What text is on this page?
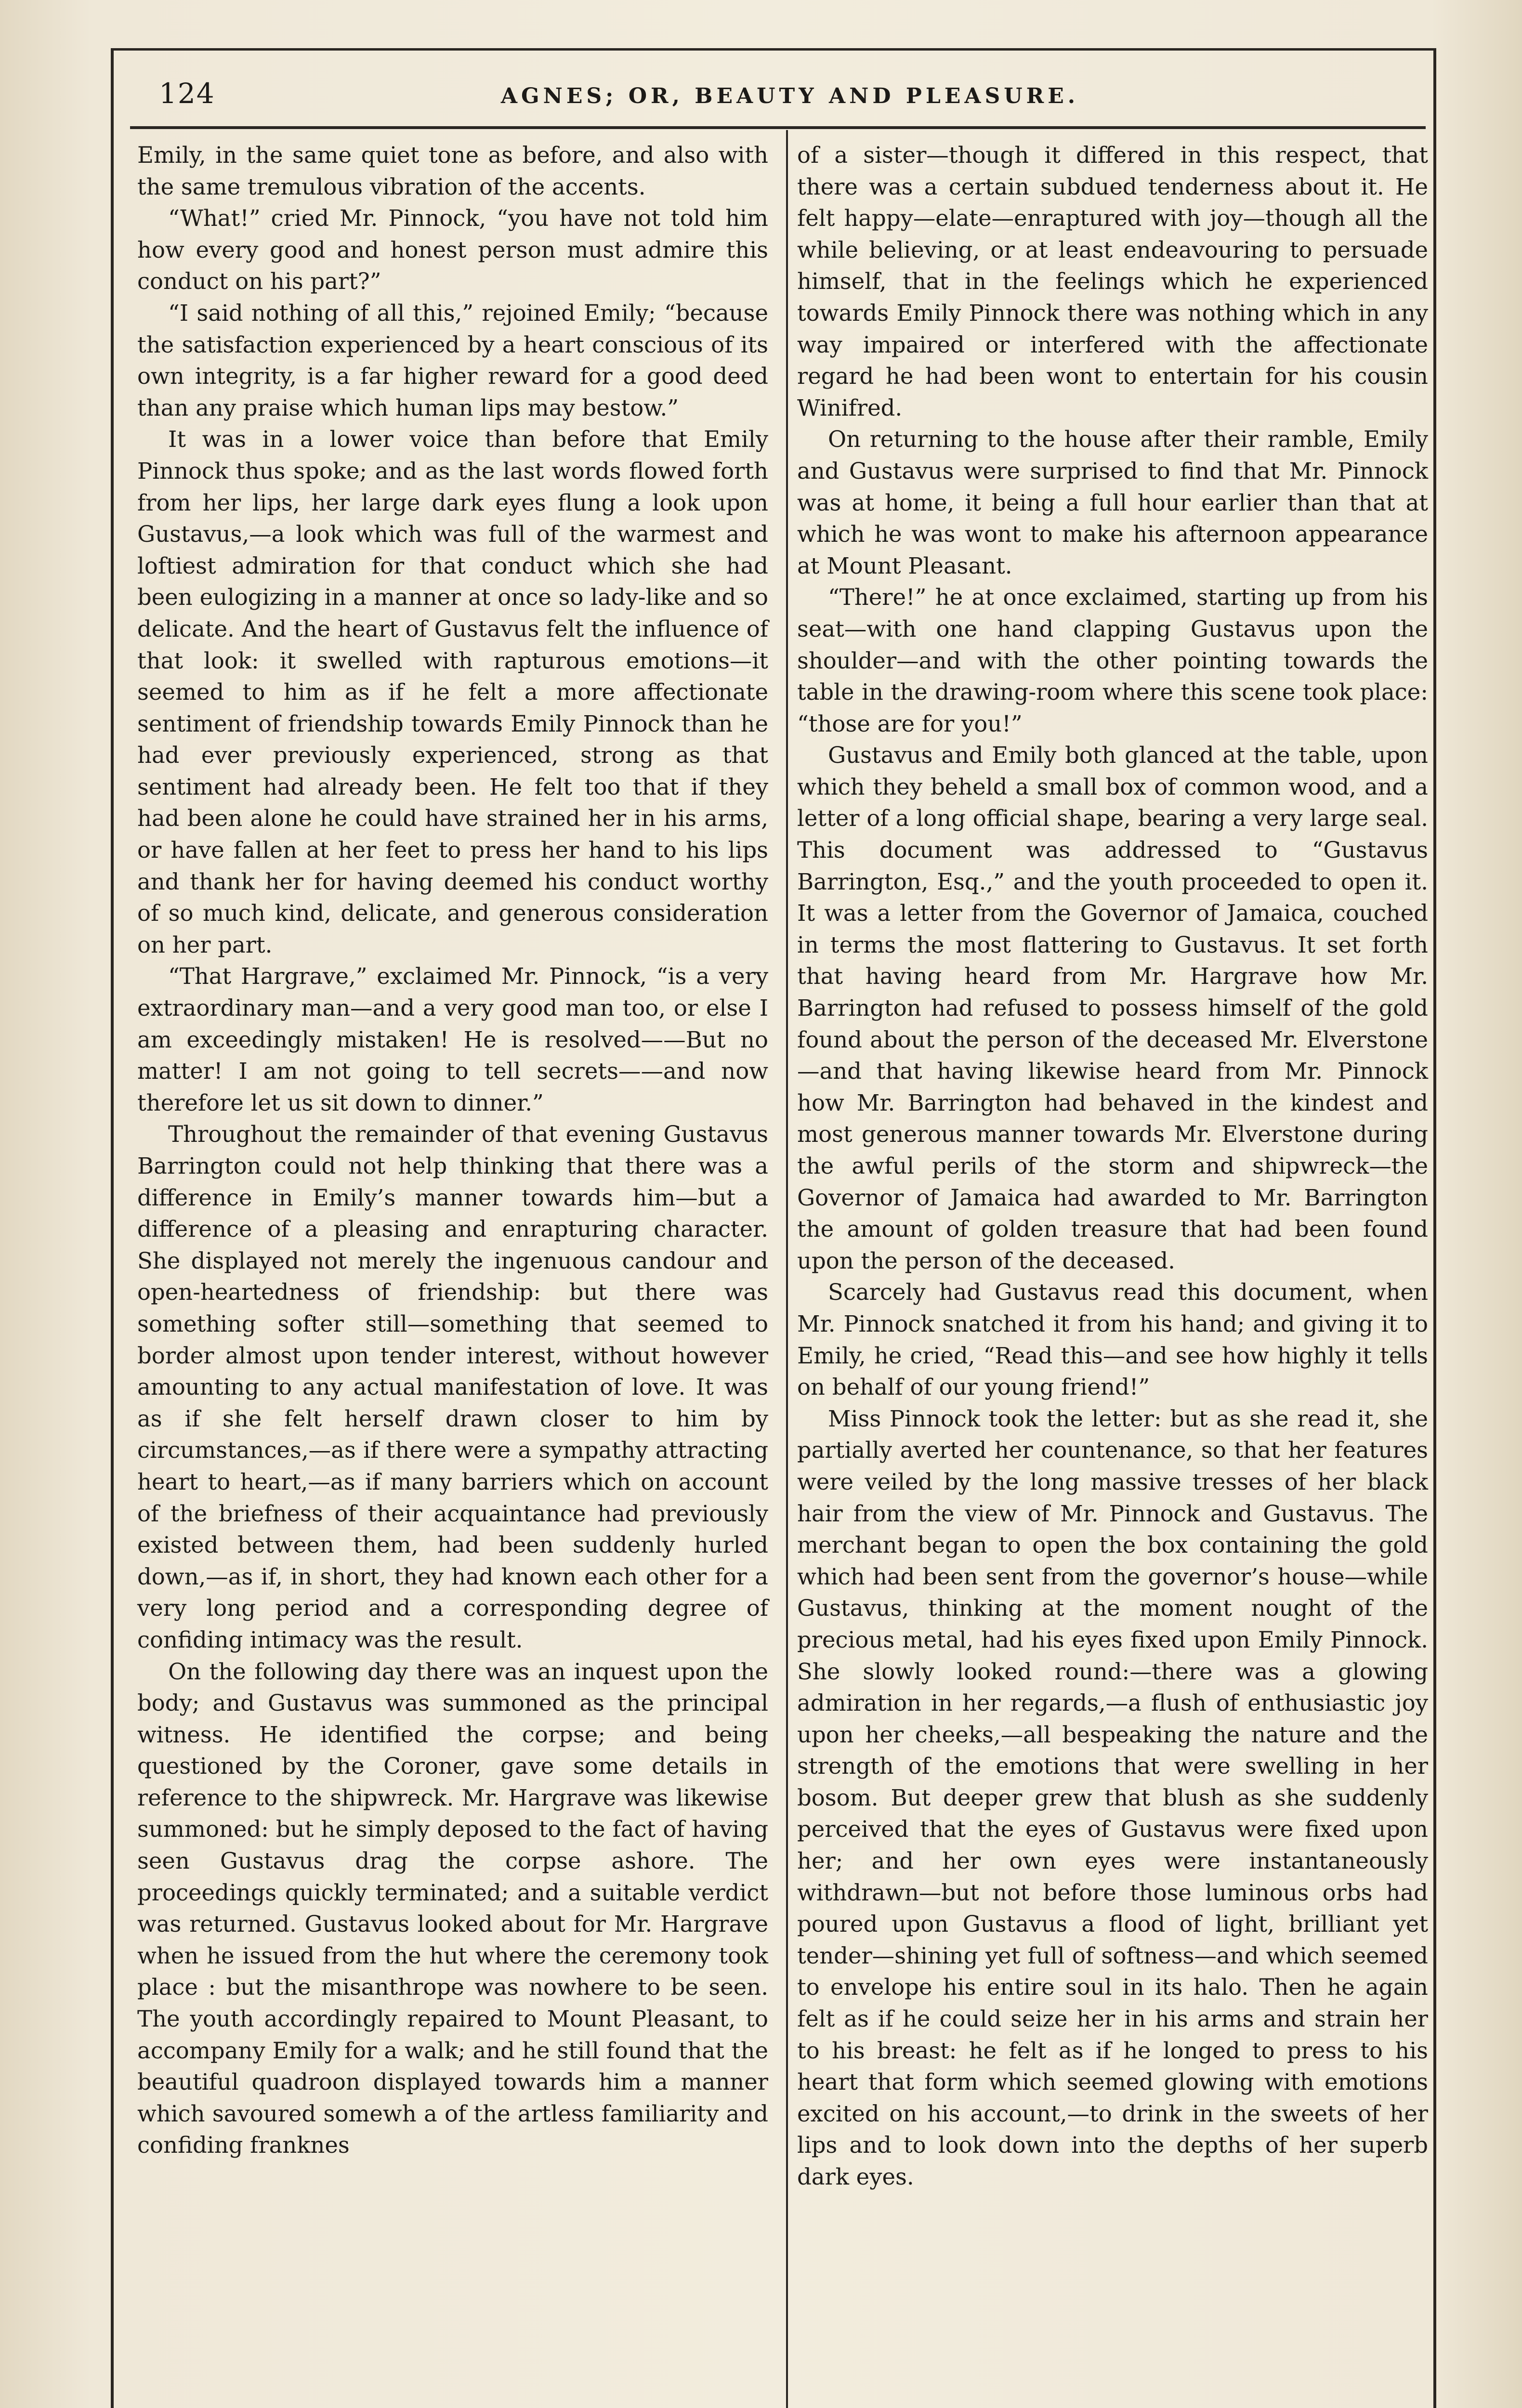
124	AGNES; OR, BEAUTY AND PLEASURE.

Emily, in the same quiet tone as before, and also with the same tremulous vibration of the accents.

“What!” cried Mr. Pinnock, “you have not told him how every good and honest person must admire this conduct on his part?”

“I said nothing of all this,” rejoined Emily; “because the satisfaction experienced by a heart conscious of its own integrity, is a far higher reward for a good deed than any praise which human lips may bestow.”

It was in a lower voice than before that Emily Pinnock thus spoke; and as the last words flowed forth from her lips, her large dark eyes flung a look upon Gustavus,—a look which was full of the warmest and loftiest admiration for that conduct which she had been eulogizing in a manner at once so lady-like and so delicate. And the heart of Gustavus felt the influence of that look: it swelled with rapturous emotions—it seemed to him as if he felt a more affectionate sentiment of friendship towards Emily Pinnock than he had ever previously experienced, strong as that sentiment had already been. He felt too that if they had been alone he could have strained her in his arms, or have fallen at her feet to press her hand to his lips and thank her for having deemed his conduct worthy of so much kind, delicate, and generous consideration on her part.

“That Hargrave,” exclaimed Mr. Pinnock, “is a very extraordinary man—and a very good man too, or else I am exceedingly mistaken! He is resolved——But no matter! I am not going to tell secrets——and now therefore let us sit down to dinner.”

Throughout the remainder of that evening Gustavus Barrington could not help thinking that there was a difference in Emily’s manner towards him—but a difference of a pleasing and enrapturing character. She displayed not merely the ingenuous candour and open-heartedness of friendship: but there was something softer still—something that seemed to border almost upon tender interest, without however amounting to any actual manifestation of love. It was as if she felt herself drawn closer to him by circumstances,—as if there were a sympathy attracting heart to heart,—as if many barriers which on account of the briefness of their acquaintance had previously existed between them, had been suddenly hurled down,—as if, in short, they had known each other for a very long period and a corresponding degree of confiding intimacy was the result.

On the following day there was an inquest upon the body; and Gustavus was summoned as the principal witness. He identified the corpse; and being questioned by the Coroner, gave some details in reference to the shipwreck. Mr. Hargrave was likewise summoned: but he simply deposed to the fact of having seen Gustavus drag the corpse ashore. The proceedings quickly terminated; and a suitable verdict was returned. Gustavus looked about for Mr. Hargrave when he issued from the hut where the ceremony took place : but the misanthrope was nowhere to be seen. The youth accordingly repaired to Mount Pleasant, to accompany Emily for a walk; and he still found that the beautiful quadroon displayed towards him a manner which savoured somewh a of the artless familiarity and confiding franknes

of a sister—though it differed in this respect, that there was a certain subdued tenderness about it. He felt happy—elate—enraptured with joy—though all the while believing, or at least endeavouring to persuade himself, that in the feelings which he experienced towards Emily Pinnock there was nothing which in any way impaired or interfered with the affectionate regard he had been wont to entertain for his cousin Winifred.

On returning to the house after their ramble, Emily and Gustavus were surprised to find that Mr. Pinnock was at home, it being a full hour earlier than that at which he was wont to make his afternoon appearance at Mount Pleasant.

“There!” he at once exclaimed, starting up from his seat—with one hand clapping Gustavus upon the shoulder—and with the other pointing towards the table in the drawing-room where this scene took place: “those are for you!”

Gustavus and Emily both glanced at the table, upon which they beheld a small box of common wood, and a letter of a long official shape, bearing a very large seal. This document was addressed to “Gustavus Barrington, Esq.,” and the youth proceeded to open it. It was a letter from the Governor of Jamaica, couched in terms the most flattering to Gustavus. It set forth that having heard from Mr. Hargrave how Mr. Barrington had refused to possess himself of the gold found about the person of the deceased Mr. Elverstone—and that having likewise heard from Mr. Pinnock how Mr. Barrington had behaved in the kindest and most generous manner towards Mr. Elverstone during the awful perils of the storm and shipwreck—the Governor of Jamaica had awarded to Mr. Barrington the amount of golden treasure that had been found upon the person of the deceased.

Scarcely had Gustavus read this document, when Mr. Pinnock snatched it from his hand; and giving it to Emily, he cried, “Read this—and see how highly it tells on behalf of our young friend!”

Miss Pinnock took the letter: but as she read it, she partially averted her countenance, so that her features were veiled by the long massive tresses of her black hair from the view of Mr. Pinnock and Gustavus. The merchant began to open the box containing the gold which had been sent from the governor’s house—while Gustavus, thinking at the moment nought of the precious metal, had his eyes fixed upon Emily Pinnock. She slowly looked round:—there was a glowing admiration in her regards,—a flush of enthusiastic joy upon her cheeks,—all bespeaking the nature and the strength of the emotions that were swelling in her bosom. But deeper grew that blush as she suddenly perceived that the eyes of Gustavus were fixed upon her; and her own eyes were instantaneously withdrawn—but not before those luminous orbs had poured upon Gustavus a flood of light, brilliant yet tender—shining yet full of softness—and which seemed to envelope his entire soul in its halo. Then he again felt as if he could seize her in his arms and strain her to his breast: he felt as if he longed to press to his heart that form which seemed glowing with emotions excited on his account,—to drink in the sweets of her lips and to look down into the depths of her superb dark eyes.
